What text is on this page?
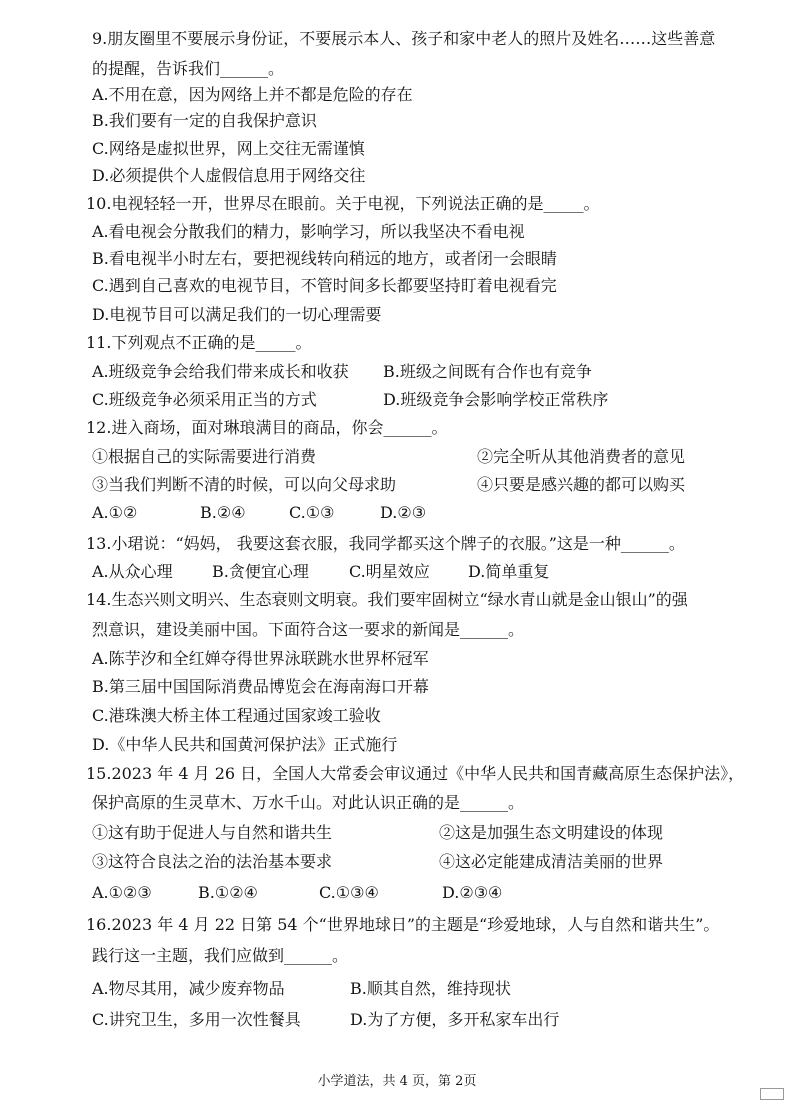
9.朋友圈里不要展示身份证，不要展示本人、孩子和家中老人的照片及姓名……这些善意
的提醒，告诉我们______。
A.不用在意，因为网络上并不都是危险的存在
B.我们要有一定的自我保护意识
C.网络是虚拟世界，网上交往无需谨慎
D.必须提供个人虚假信息用于网络交往
10.电视轻轻一开，世界尽在眼前。关于电视，下列说法正确的是_____。
A.看电视会分散我们的精力，影响学习，所以我坚决不看电视
B.看电视半小时左右，要把视线转向稍远的地方，或者闭一会眼睛
C.遇到自己喜欢的电视节目，不管时间多长都要坚持盯着电视看完
D.电视节目可以满足我们的一切心理需要
11.下列观点不正确的是_____。
A.班级竞争会给我们带来成长和收获 B.班级之间既有合作也有竞争
C.班级竞争必须采用正当的方式	D.班级竞争会影响学校正常秩序
12.进入商场，面对琳琅满目的商品，你会______。
①根据自己的实际需要进行消费	②完全听从其他消费者的意见
③当我们判断不清的时候，可以向父母求助	④只要是感兴趣的都可以购买
A.①②	B.②④	C.①③	D.②③
13.小珺说：“妈妈， 我要这套衣服，我同学都买这个牌子的衣服。”这是一种______。
A.从众心理 B.贪便宜心理	C.明星效应 D.简单重复
14.生态兴则文明兴、生态衰则文明衰。我们要牢固树立“绿水青山就是金山银山”的强
烈意识，建设美丽中国。下面符合这一要求的新闻是______。
A.陈芋汐和全红婵夺得世界泳联跳水世界杯冠军
B.第三届中国国际消费品博览会在海南海口开幕
C.港珠澳大桥主体工程通过国家竣工验收
D.《中华人民共和国黄河保护法》正式施行
15.2023 年 4 月 26 日，全国人大常委会审议通过《中华人民共和国青藏高原生态保护法》，
保护高原的生灵草木、万水千山。对此认识正确的是______。
①这有助于促进人与自然和谐共生	②这是加强生态文明建设的体现
③这符合良法之治的法治基本要求	④这必定能建成清洁美丽的世界
A.①②③	B.①②④	C.①③④	D.②③④
16.2023 年 4 月 22 日第 54 个“世界地球日”的主题是“珍爱地球，人与自然和谐共生”。
践行这一主题，我们应做到______。
A.物尽其用，减少废弃物品	B.顺其自然，维持现状
C.讲究卫生，多用一次性餐具	D.为了方便，多开私家车出行
小学道法，共 4 页，第 2页
